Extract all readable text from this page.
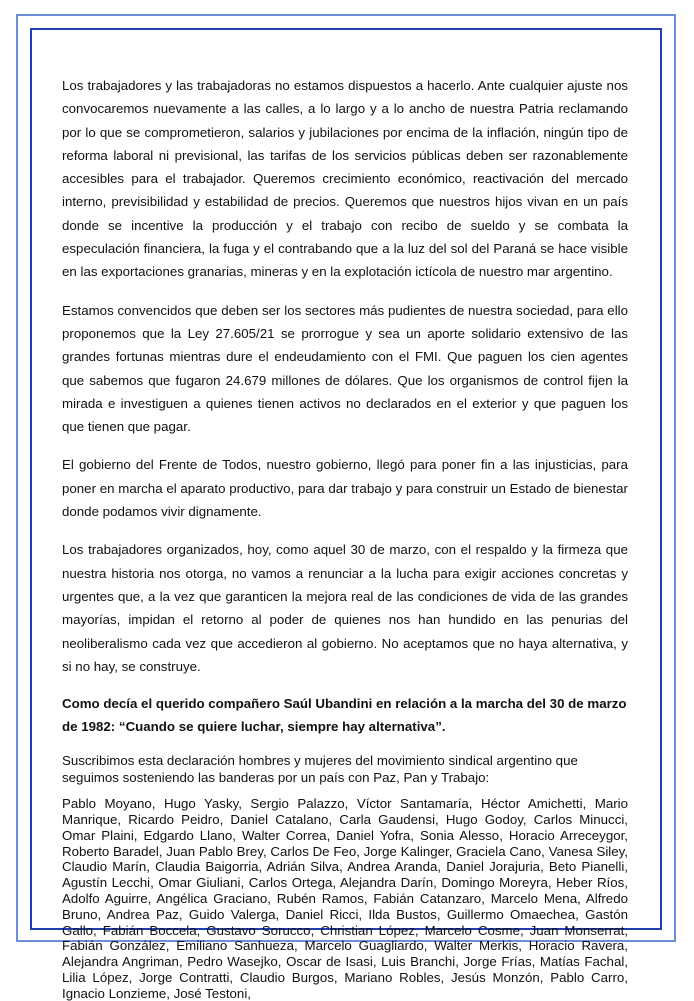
Los trabajadores y las trabajadoras no estamos dispuestos a hacerlo. Ante cualquier ajuste nos convocaremos nuevamente a las calles, a lo largo y a lo ancho de nuestra Patria reclamando por lo que se comprometieron, salarios y jubilaciones por encima de la inflación, ningún tipo de reforma laboral ni previsional, las tarifas de los servicios públicas deben ser razonablemente accesibles para el trabajador. Queremos crecimiento económico, reactivación del mercado interno, previsibilidad y estabilidad de precios. Queremos que nuestros hijos vivan en un país donde se incentive la producción y el trabajo con recibo de sueldo y se combata la especulación financiera, la fuga y el contrabando que a la luz del sol del Paraná se hace visible en las exportaciones granarias, mineras y en la explotación ictícola de nuestro mar argentino.

Estamos convencidos que deben ser los sectores más pudientes de nuestra sociedad, para ello proponemos que la Ley 27.605/21 se prorrogue y sea un aporte solidario extensivo de las grandes fortunas mientras dure el endeudamiento con el FMI. Que paguen los cien agentes que sabemos que fugaron 24.679 millones de dólares. Que los organismos de control fijen la mirada e investiguen a quienes tienen activos no declarados en el exterior y que paguen los que tienen que pagar.

El gobierno del Frente de Todos, nuestro gobierno, llegó para poner fin a las injusticias, para poner en marcha el aparato productivo, para dar trabajo y para construir un Estado de bienestar donde podamos vivir dignamente.

Los trabajadores organizados, hoy, como aquel 30 de marzo, con el respaldo y la firmeza que nuestra historia nos otorga, no vamos a renunciar a la lucha para exigir acciones concretas y urgentes que, a la vez que garanticen la mejora real de las condiciones de vida de las grandes mayorías, impidan el retorno al poder de quienes nos han hundido en las penurias del neoliberalismo cada vez que accedieron al gobierno. No aceptamos que no haya alternativa, y si no hay, se construye.

Como decía el querido compañero Saúl Ubandini en relación a la marcha del 30 de marzo de 1982: “Cuando se quiere luchar, siempre hay alternativa”.

Suscribimos esta declaración hombres y mujeres del movimiento sindical argentino que seguimos sosteniendo las banderas por un país con Paz, Pan y Trabajo:

Pablo Moyano, Hugo Yasky, Sergio Palazzo, Víctor Santamaría, Héctor Amichetti, Mario Manrique, Ricardo Peidro, Daniel Catalano, Carla Gaudensi, Hugo Godoy, Carlos Minucci, Omar Plaini, Edgardo Llano, Walter Correa, Daniel Yofra, Sonia Alesso, Horacio Arreceygor, Roberto Baradel, Juan Pablo Brey, Carlos De Feo, Jorge Kalinger, Graciela Cano, Vanesa Siley, Claudio Marín, Claudia Baigorria, Adrián Silva, Andrea Aranda, Daniel Jorajuria, Beto Pianelli, Agustín Lecchi, Omar Giuliani, Carlos Ortega, Alejandra Darín, Domingo Moreyra, Heber Ríos, Adolfo Aguirre, Angélica Graciano, Rubén Ramos, Fabián Catanzaro, Marcelo Mena, Alfredo Bruno, Andrea Paz, Guido Valerga, Daniel Ricci, Ilda Bustos, Guillermo Omaechea, Gastón Gallo, Fabián Boccela, Gustavo Sorucco, Christian López, Marcelo Cosme, Juan Monserrat, Fabián González, Emiliano Sanhueza, Marcelo Guagliardo, Walter Merkis, Horacio Ravera, Alejandra Angriman, Pedro Wasejko, Oscar de Isasi, Luis Branchi, Jorge Frías, Matías Fachal, Lilia López, Jorge Contratti, Claudio Burgos, Mariano Robles, Jesús Monzón, Pablo Carro, Ignacio Lonzieme, José Testoni,
